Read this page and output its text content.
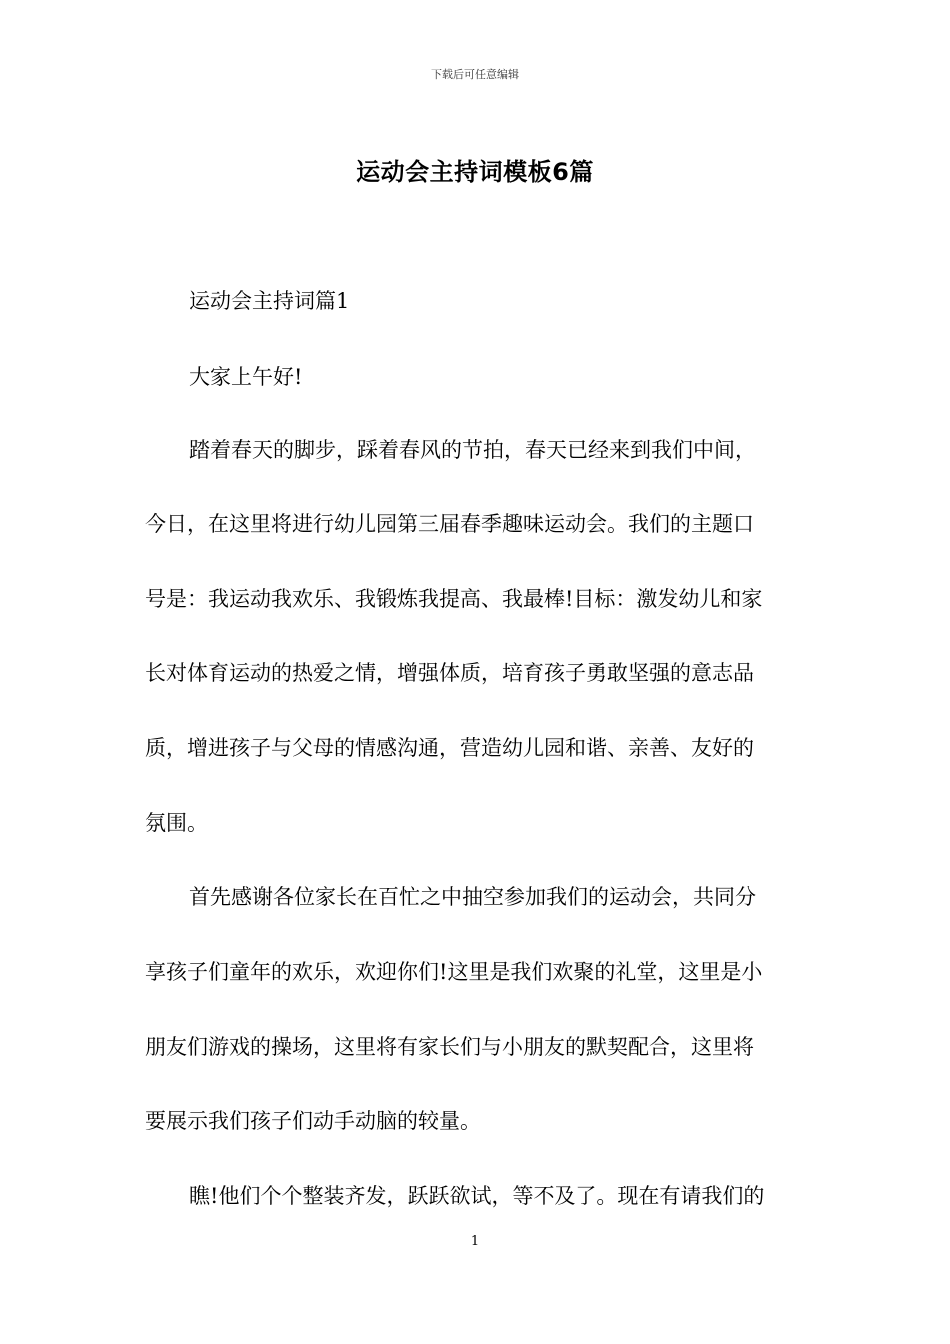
下载后可任意编辑
运动会主持词模板6篇
运动会主持词篇1
大家上午好!
踏着春天的脚步，踩着春风的节拍，春天已经来到我们中间，
今日，在这里将进行幼儿园第三届春季趣味运动会。我们的主题口
号是：我运动我欢乐、我锻炼我提高、我最棒!目标：激发幼儿和家
长对体育运动的热爱之情，增强体质，培育孩子勇敢坚强的意志品
质，增进孩子与父母的情感沟通，营造幼儿园和谐、亲善、友好的
氛围。
首先感谢各位家长在百忙之中抽空参加我们的运动会，共同分
享孩子们童年的欢乐，欢迎你们!这里是我们欢聚的礼堂，这里是小
朋友们游戏的操场，这里将有家长们与小朋友的默契配合，这里将
要展示我们孩子们动手动脑的较量。
瞧!他们个个整装齐发，跃跃欲试，等不及了。现在有请我们的
1
